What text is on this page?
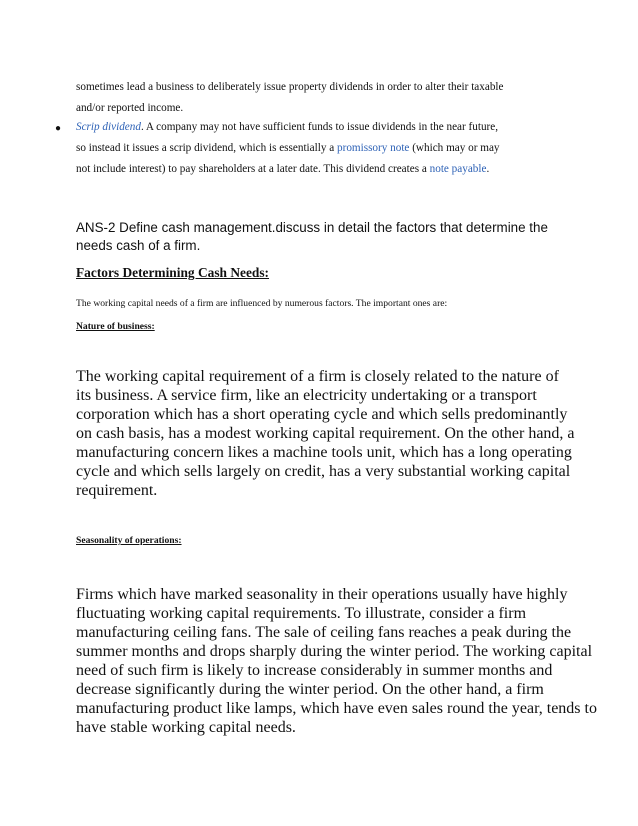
sometimes lead a business to deliberately issue property dividends in order to alter their taxable
and/or reported income.
● Scrip dividend. A company may not have sufficient funds to issue dividends in the near future,
so instead it issues a scrip dividend, which is essentially a promissory note (which may or may
not include interest) to pay shareholders at a later date. This dividend creates a note payable.
ANS-2 Define cash management.discuss in detail the factors that determine the
needs cash of a firm.
Factors Determining Cash Needs:
The working capital needs of a firm are influenced by numerous factors. The important ones are:
Nature of business:
The working capital requirement of a firm is closely related to the nature of
its business. A service firm, like an electricity undertaking or a transport
corporation which has a short operating cycle and which sells predominantly
on cash basis, has a modest working capital requirement. On the other hand, a
manufacturing concern likes a machine tools unit, which has a long operating
cycle and which sells largely on credit, has a very substantial working capital
requirement.
Seasonality of operations:
Firms which have marked seasonality in their operations usually have highly
fluctuating working capital requirements. To illustrate, consider a firm
manufacturing ceiling fans. The sale of ceiling fans reaches a peak during the
summer months and drops sharply during the winter period. The working capital
need of such firm is likely to increase considerably in summer months and
decrease significantly during the winter period. On the other hand, a firm
manufacturing product like lamps, which have even sales round the year, tends to
have stable working capital needs.
